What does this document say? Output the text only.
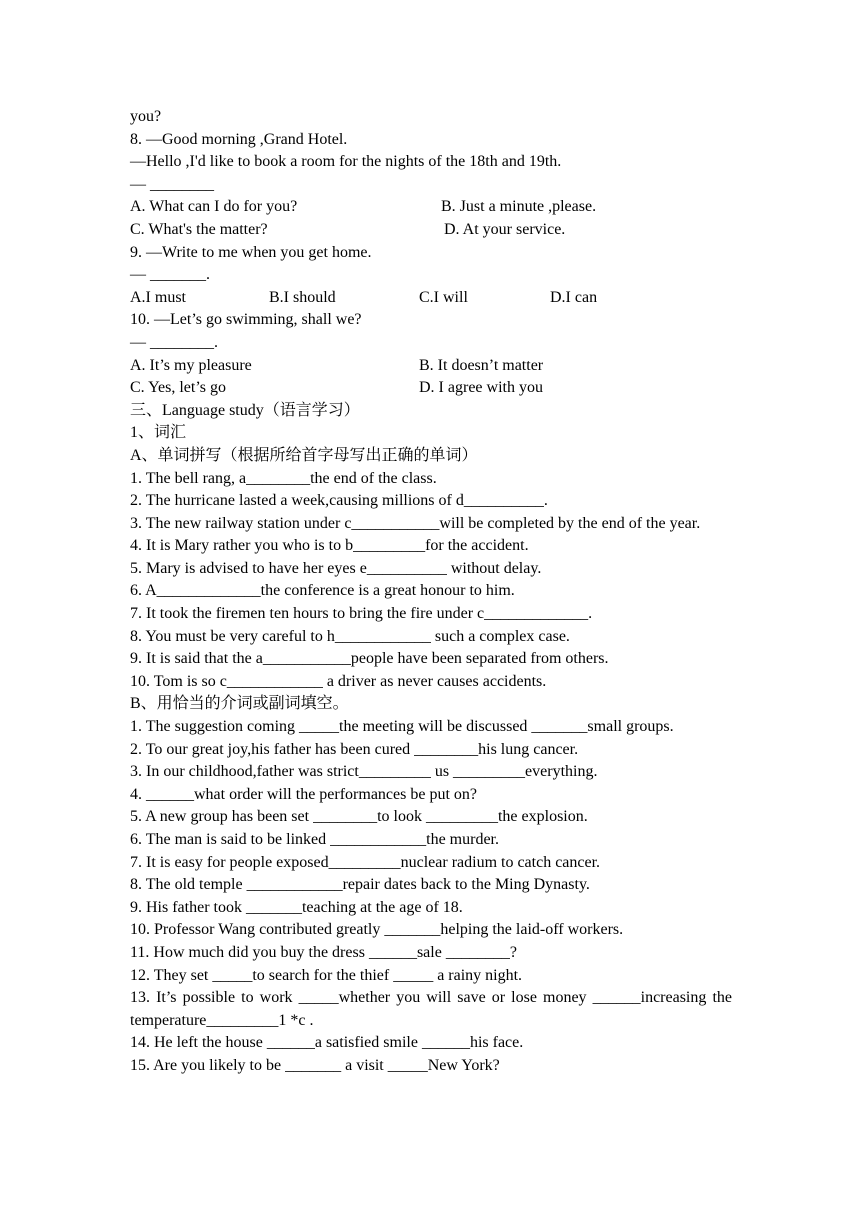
you?
8. —Good morning ,Grand Hotel.
—Hello ,I'd like to book a room for the nights of the 18th and 19th.
— ________
A. What can I do for you?	B. Just a minute ,please.
C. What's the matter?	D. At your service.
9. —Write to me when you get home.
— _______.
A.I must	B.I should	C.I will	D.I can
10. —Let’s go swimming, shall we?
— ________.
A. It’s my pleasure	B. It doesn’t matter
C. Yes, let’s go	D. I agree with you
三、Language study（语言学习）
1、词汇
A、单词拼写（根据所给首字母写出正确的单词）
1. The bell rang, a________the end of the class.
2. The hurricane lasted a week,causing millions of d__________.
3. The new railway station under c___________will be completed by the end of the year.
4. It is Mary rather you who is to b_________for the accident.
5. Mary is advised to have her eyes e__________ without delay.
6. A_____________the conference is a great honour to him.
7. It took the firemen ten hours to bring the fire under c_____________.
8. You must be very careful to h____________ such a complex case.
9. It is said that the a___________people have been separated from others.
10. Tom is so c____________ a driver as never causes accidents.
B、用恰当的介词或副词填空。
1. The suggestion coming _____the meeting will be discussed _______small groups.
2. To our great joy,his father has been cured ________his lung cancer.
3. In our childhood,father was strict_________ us _________everything.
4. ______what order will the performances be put on?
5. A new group has been set ________to look _________the explosion.
6. The man is said to be linked ____________the murder.
7. It is easy for people exposed_________nuclear radium to catch cancer.
8. The old temple ____________repair dates back to the Ming Dynasty.
9. His father took _______teaching at the age of 18.
10. Professor Wang contributed greatly _______helping the laid-off workers.
11. How much did you buy the dress ______sale ________?
12. They set _____to search for the thief _____ a rainy night.
13. It’s possible to work _____whether you will save or lose money ______increasing the temperature_________1 *c .
14. He left the house ______a satisfied smile ______his face.
15. Are you likely to be _______ a visit _____New York?
